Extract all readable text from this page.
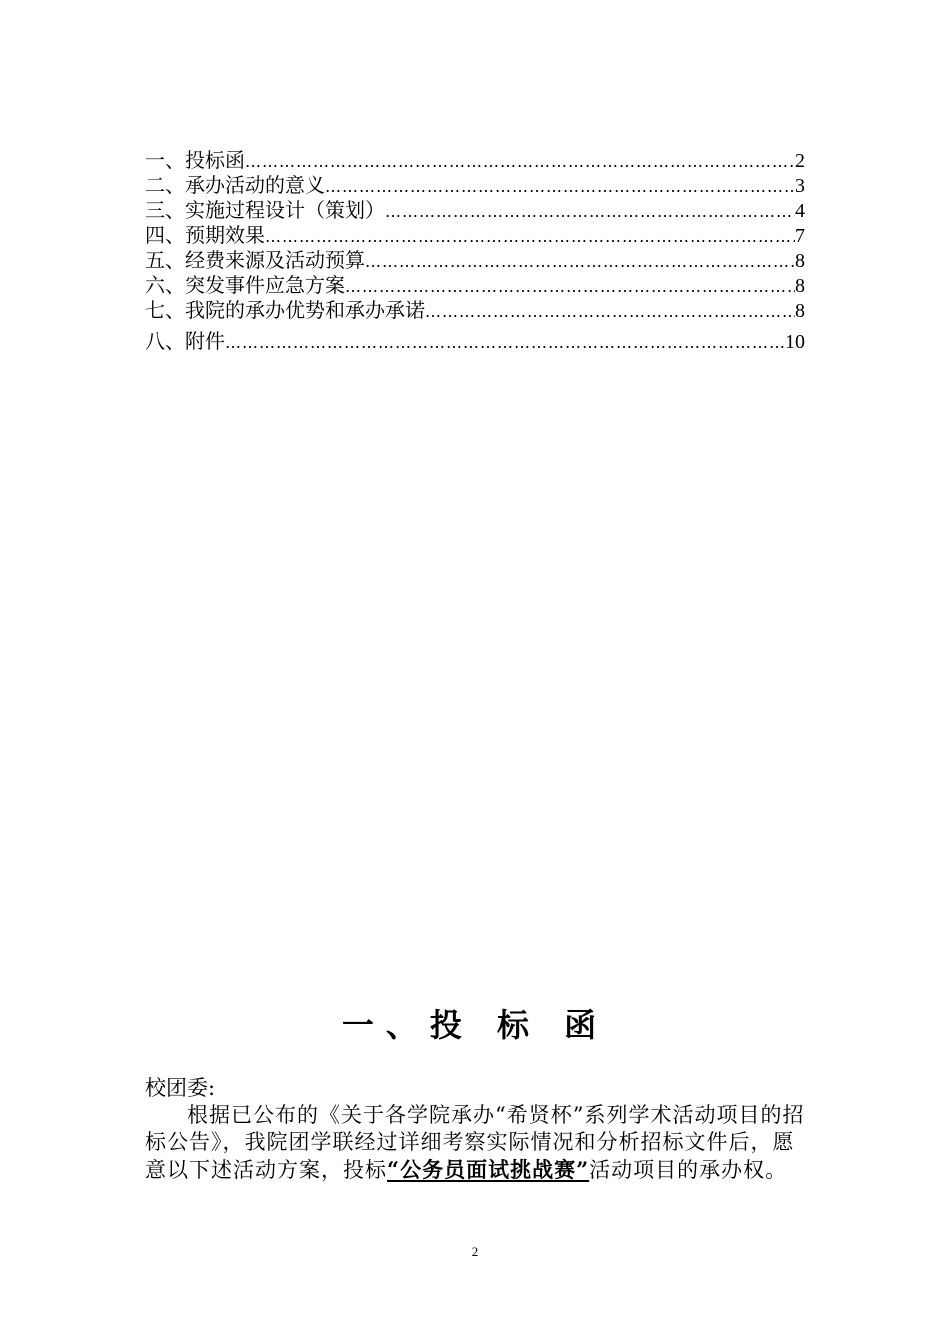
一、投标函 …………………………………………………………………………………………………………………………………………………………………………………………	2
二、承办活动的意义 …………………………………………………………………………………………………………………………………………………………………………………………	3
三、实施过程设计（策划） …………………………………………………………………………………………………………………………………………………………………………………………	4
四、预期效果 …………………………………………………………………………………………………………………………………………………………………………………………	7
五、经费来源及活动预算 …………………………………………………………………………………………………………………………………………………………………………………………	8
六、突发事件应急方案 …………………………………………………………………………………………………………………………………………………………………………………………	8
七、我院的承办优势和承办承诺 …………………………………………………………………………………………………………………………………………………………………………………………	8
八、附件 …………………………………………………………………………………………………………………………………………………………………………………………	10
一、投 标 函

校团委:

根据已公布的《关于各学院承办“希贤杯”系列学术活动项目的招标公告》，我院团学联经过详细考察实际情况和分析招标文件后，愿意以下述活动方案，投标“公务员面试挑战赛”活动项目的承办权。

2
